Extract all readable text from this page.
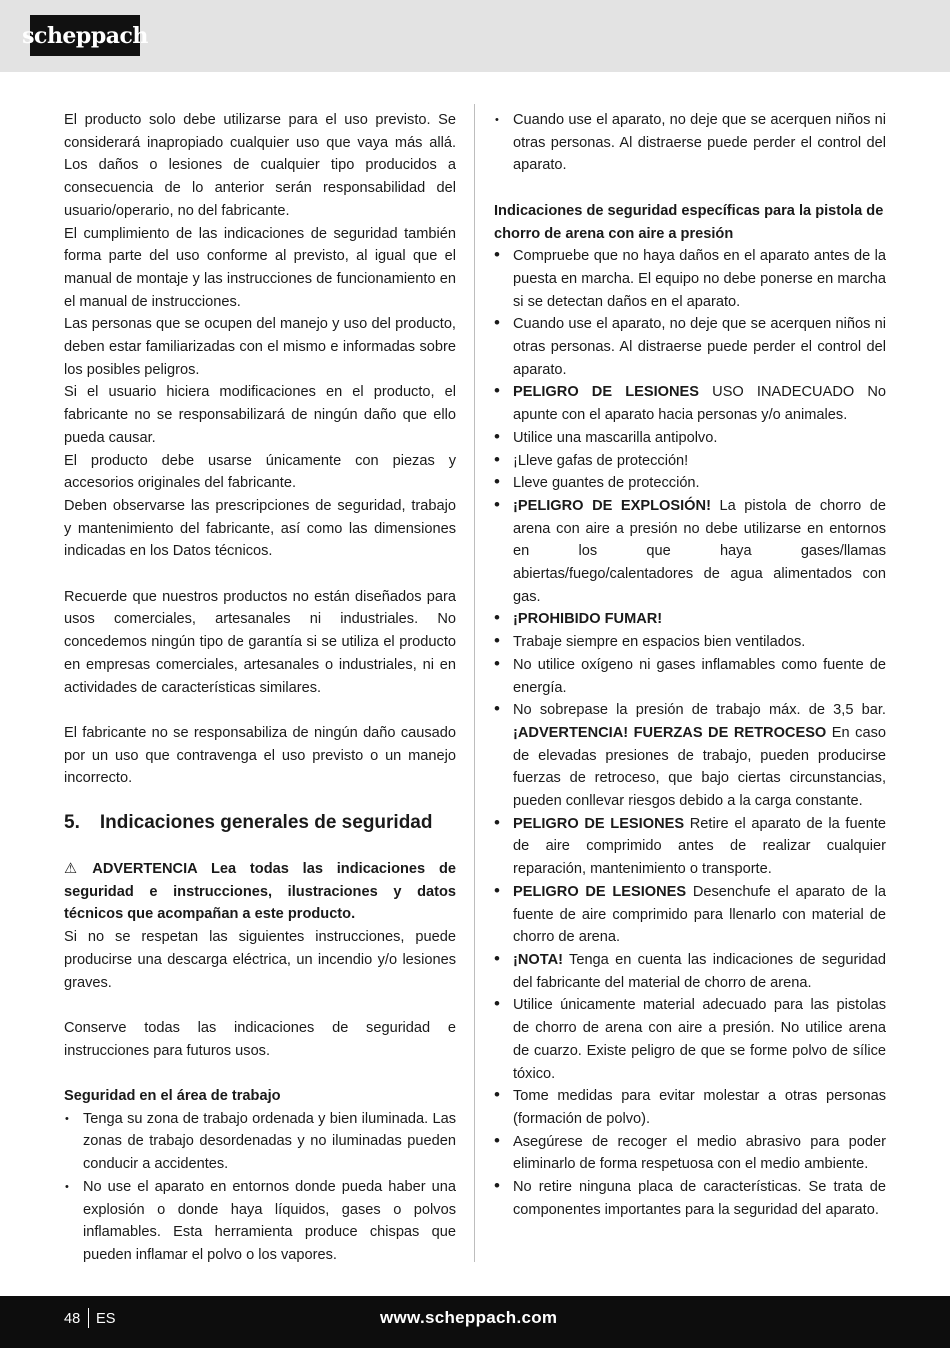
scheppach

El producto solo debe utilizarse para el uso previsto. Se considerará inapropiado cualquier uso que vaya más allá. Los daños o lesiones de cualquier tipo producidos a consecuencia de lo anterior serán responsabilidad del usuario/operario, no del fabricante.

El cumplimiento de las indicaciones de seguridad también forma parte del uso conforme al previsto, al igual que el manual de montaje y las instrucciones de funcionamiento en el manual de instrucciones.

Las personas que se ocupen del manejo y uso del producto, deben estar familiarizadas con el mismo e informadas sobre los posibles peligros.

Si el usuario hiciera modificaciones en el producto, el fabricante no se responsabilizará de ningún daño que ello pueda causar.

El producto debe usarse únicamente con piezas y accesorios originales del fabricante.

Deben observarse las prescripciones de seguridad, trabajo y mantenimiento del fabricante, así como las dimensiones indicadas en los Datos técnicos.

Recuerde que nuestros productos no están diseñados para usos comerciales, artesanales ni industriales. No concedemos ningún tipo de garantía si se utiliza el producto en empresas comerciales, artesanales o industriales, ni en actividades de características similares.

El fabricante no se responsabiliza de ningún daño causado por un uso que contravenga el uso previsto o un manejo incorrecto.

5. Indicaciones generales de seguridad

⚠ ADVERTENCIA Lea todas las indicaciones de seguridad e instrucciones, ilustraciones y datos técnicos que acompañan a este producto.

Si no se respetan las siguientes instrucciones, puede producirse una descarga eléctrica, un incendio y/o lesiones graves.

Conserve todas las indicaciones de seguridad e instrucciones para futuros usos.

Seguridad en el área de trabajo

• Tenga su zona de trabajo ordenada y bien iluminada. Las zonas de trabajo desordenadas y no iluminadas pueden conducir a accidentes.
• No use el aparato en entornos donde pueda haber una explosión o donde haya líquidos, gases o polvos inflamables. Esta herramienta produce chispas que pueden inflamar el polvo o los vapores.
• Cuando use el aparato, no deje que se acerquen niños ni otras personas. Al distraerse puede perder el control del aparato.

Indicaciones de seguridad específicas para la pistola de chorro de arena con aire a presión

• Compruebe que no haya daños en el aparato antes de la puesta en marcha. El equipo no debe ponerse en marcha si se detectan daños en el aparato.
• Cuando use el aparato, no deje que se acerquen niños ni otras personas. Al distraerse puede perder el control del aparato.
• PELIGRO DE LESIONES USO INADECUADO No apunte con el aparato hacia personas y/o animales.
• Utilice una mascarilla antipolvo.
• ¡Lleve gafas de protección!
• Lleve guantes de protección.
• ¡PELIGRO DE EXPLOSIÓN! La pistola de chorro de arena con aire a presión no debe utilizarse en entornos en los que haya gases/llamas abiertas/fuego/calentadores de agua alimentados con gas.
• ¡PROHIBIDO FUMAR!
• Trabaje siempre en espacios bien ventilados.
• No utilice oxígeno ni gases inflamables como fuente de energía.
• No sobrepase la presión de trabajo máx. de 3,5 bar. ¡ADVERTENCIA! FUERZAS DE RETROCESO En caso de elevadas presiones de trabajo, pueden producirse fuerzas de retroceso, que bajo ciertas circunstancias, pueden conllevar riesgos debido a la carga constante.
• PELIGRO DE LESIONES Retire el aparato de la fuente de aire comprimido antes de realizar cualquier reparación, mantenimiento o transporte.
• PELIGRO DE LESIONES Desenchufe el aparato de la fuente de aire comprimido para llenarlo con material de chorro de arena.
• ¡NOTA! Tenga en cuenta las indicaciones de seguridad del fabricante del material de chorro de arena.
• Utilice únicamente material adecuado para las pistolas de chorro de arena con aire a presión. No utilice arena de cuarzo. Existe peligro de que se forme polvo de sílice tóxico.
• Tome medidas para evitar molestar a otras personas (formación de polvo).
• Asegúrese de recoger el medio abrasivo para poder eliminarlo de forma respetuosa con el medio ambiente.
• No retire ninguna placa de características. Se trata de componentes importantes para la seguridad del aparato.
48 ES	www.scheppach.com
